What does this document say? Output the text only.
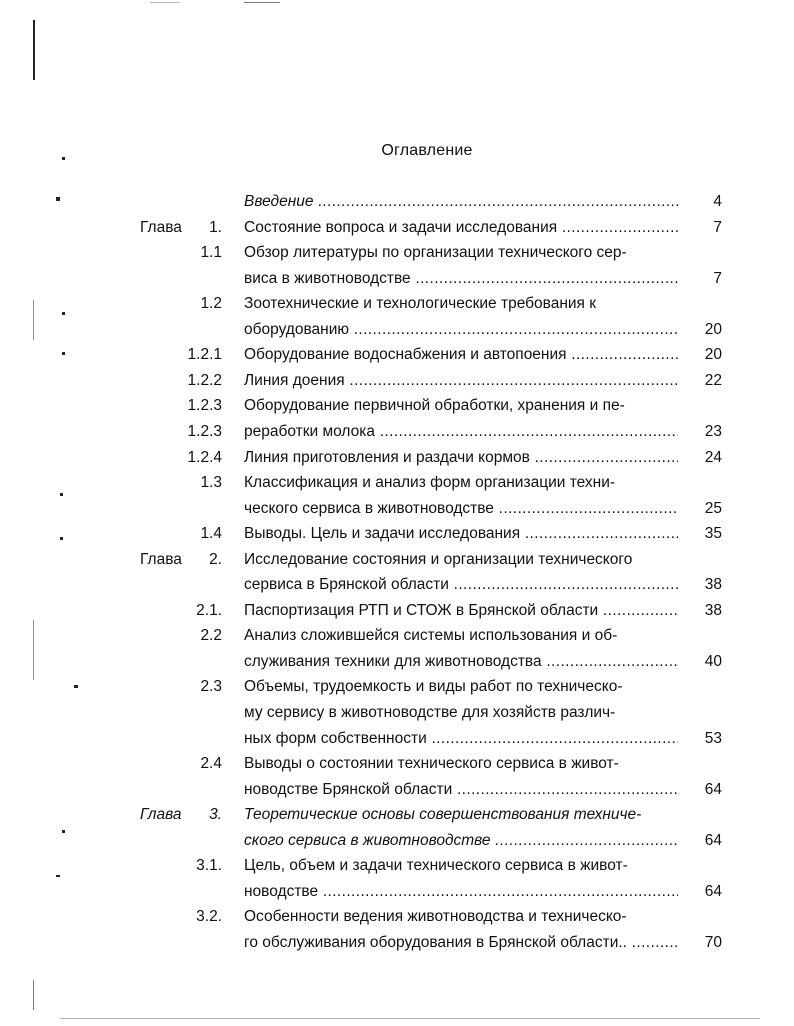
Оглавление
Введение .....	4
Глава	1. Состояние вопроса и задачи исследования .....	7
1.1 Обзор литературы по организации технического сер-
виса в животноводстве .....	7
1.2 Зоотехнические и технологические требования к
оборудованию .....	20
1.2.1 Оборудование водоснабжения и автопоения .....	20
1.2.2 Линия доения .....	22
1.2.3 Оборудование первичной обработки, хранения и пе-
1.2.3 реработки молока .....	23
1.2.4 Линия приготовления и раздачи кормов .....	24
1.3 Классификация и анализ форм организации техни-
ческого сервиса в животноводстве .....	25
1.4 Выводы. Цель и задачи исследования .....	35
Глава	2. Исследование состояния и организации технического
сервиса в Брянской области .....	38
2.1. Паспортизация РТП и СТОЖ в Брянской области .....	38
2.2 Анализ сложившейся системы использования и об-
служивания техники для животноводства .....	40
2.3 Объемы, трудоемкость и виды работ по техническо-
му сервису в животноводстве для хозяйств различ-
ных форм собственности .....	53
2.4 Выводы о состоянии технического сервиса в живот-
новодстве Брянской области .....	64
Глава	3. Теоретические основы совершенствования техниче-
ского сервиса в животноводстве .....	64
3.1. Цель, объем и задачи технического сервиса в живот-
новодстве .....	64
3.2. Особенности ведения животноводства и техническо-
го обслуживания оборудования в Брянской области.. .....	70
